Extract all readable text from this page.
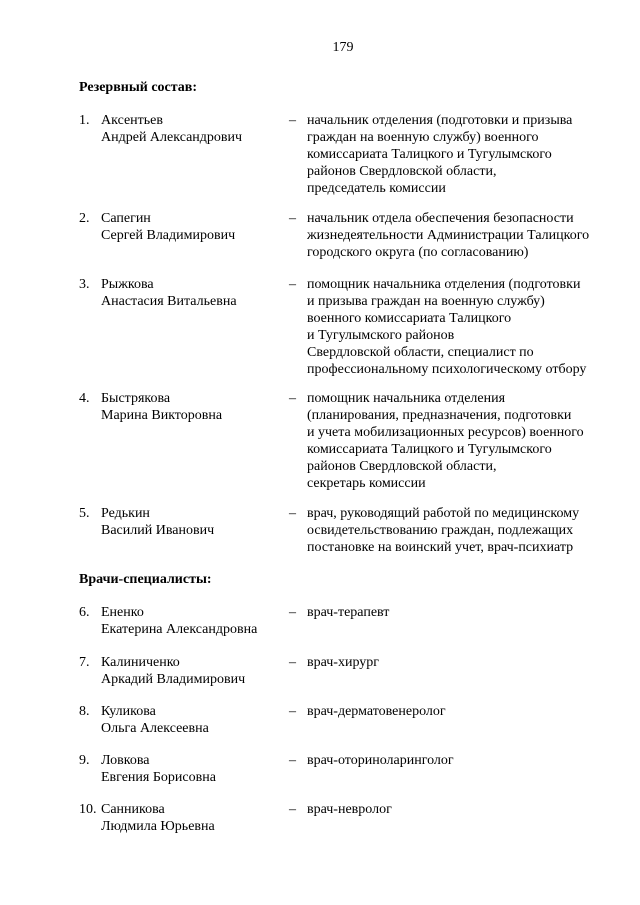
179
Резервный состав:
1. Аксентьев
Андрей Александрович
– начальник отделения (подготовки и призыва
граждан на военную службу) военного
комиссариата Талицкого и Тугулымского
районов Свердловской области,
председатель комиссии
2. Сапегин
Сергей Владимирович
– начальник отдела обеспечения безопасности
жизнедеятельности Администрации Талицкого
городского округа (по согласованию)
3. Рыжкова
Анастасия Витальевна
– помощник начальника отделения (подготовки
и призыва граждан на военную службу)
военного комиссариата Талицкого
и Тугулымского районов
Свердловской области, специалист по
профессиональному психологическому отбору
4. Быстрякова
Марина Викторовна
– помощник начальника отделения
(планирования, предназначения, подготовки
и учета мобилизационных ресурсов) военного
комиссариата Талицкого и Тугулымского
районов Свердловской области,
секретарь комиссии
5. Редькин
Василий Иванович
– врач, руководящий работой по медицинскому
освидетельствованию граждан, подлежащих
постановке на воинский учет, врач-психиатр
Врачи-специалисты:
6. Ененко
Екатерина Александровна
– врач-терапевт
7. Калиниченко
Аркадий Владимирович
– врач-хирург
8. Куликова
Ольга Алексеевна
– врач-дерматовенеролог
9. Ловкова
Евгения Борисовна
– врач-оториноларинголог
10. Санникова
Людмила Юрьевна
– врач-невролог
